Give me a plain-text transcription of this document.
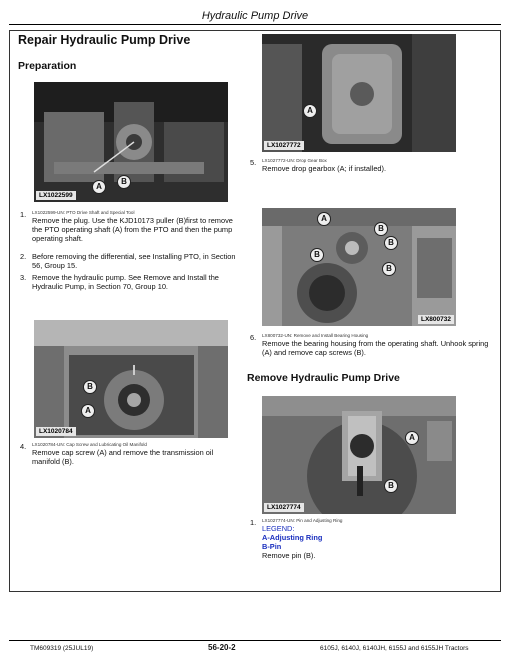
Hydraulic Pump Drive
Repair Hydraulic Pump Drive
Preparation
LX1022599
A
B
1. LX1022599-UN: PTO Drive Shaft and Special Tool
Remove the plug. Use the KJD10173 puller (B)first to remove the PTO operating shaft (A) from the PTO and then the pump operating shaft.
2. Before removing the differential, see Installing PTO, in Section 56, Group 15.
3. Remove the hydraulic pump. See Remove and Install the Hydraulic Pump, in Section 70, Group 10.
LX1020784
B
A
4. LX1020784-UN: Cap Screw and Lubricating Oil Manifold
Remove cap screw (A) and remove the transmission oil manifold (B).
LX1027772
A
5. LX1027772-UN: Drop Gear Box
Remove drop gearbox (A; if installed).
LX800732
A
B
B
B
B
6. LX800732-UN: Remove and Install Bearing Housing
Remove the bearing housing from the operating shaft. Unhook spring (A) and remove cap screws (B).
Remove Hydraulic Pump Drive
LX1027774
A
B
1. LX1027774-UN: Pin and Adjusting Ring
LEGEND:
A-Adjusting Ring
B-Pin
Remove pin (B).
TM609319 (25JUL19)	56-20-2	6105J, 6140J, 6140JH, 6155J and 6155JH Tractors
